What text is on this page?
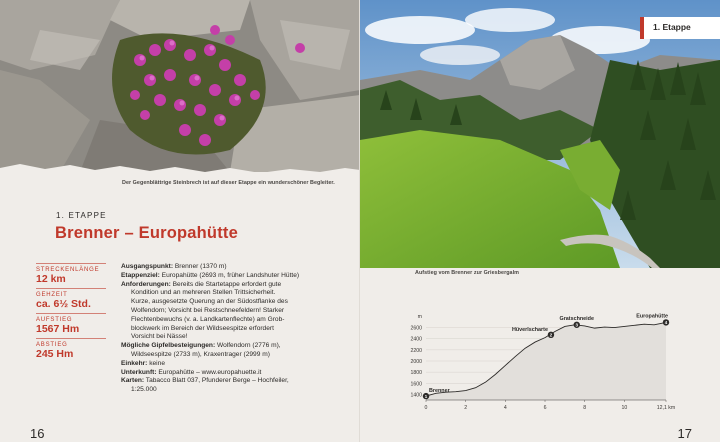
Der Gegenblättrige Steinbrech ist auf dieser Etappe ein wunderschöner Begleiter.
1. ETAPPE
Brenner – Europahütte
STRECKENLÄNGE
12 km
GEHZEIT
ca. 6½ Std.
AUFSTIEG
1567 Hm
ABSTIEG
245 Hm
Ausgangspunkt: Brenner (1370 m)
Etappenziel: Europahütte (2693 m, früher Landshuter Hütte)
Anforderungen: Bereits die Startetappe erfordert gute
Kondition und an mehreren Stellen Trittsicherheit.
Kurze, ausgesetzte Querung an der Südostflanke des
Wolfendorn; Vorsicht bei Restschneefeldern! Starker
Flechtenbewuchs (v. a. Landkartenflechte) am Grob-
blockwerk im Bereich der Wildseespitze erfordert
Vorsicht bei Nässe!
Mögliche Gipfelbesteigungen: Wolfendorn (2776 m),
Wildseespitze (2733 m), Kraxentrager (2999 m)
Einkehr: keine
Unterkunft: Europahütte – www.europahuette.it
Karten: Tabacco Blatt 037, Pfunderer Berge – Hochfeiler,
1:25.000
16
1. Etappe
17
Aufstieg vom Brenner zur Griesbergalm
1400
1600
1800
2000
2200
2400
2600
m
0	2	4	6	8	10	12,1 km
1
Brenner
2
Hüverlscharte
3
Gratschneide
4
Europahütte
